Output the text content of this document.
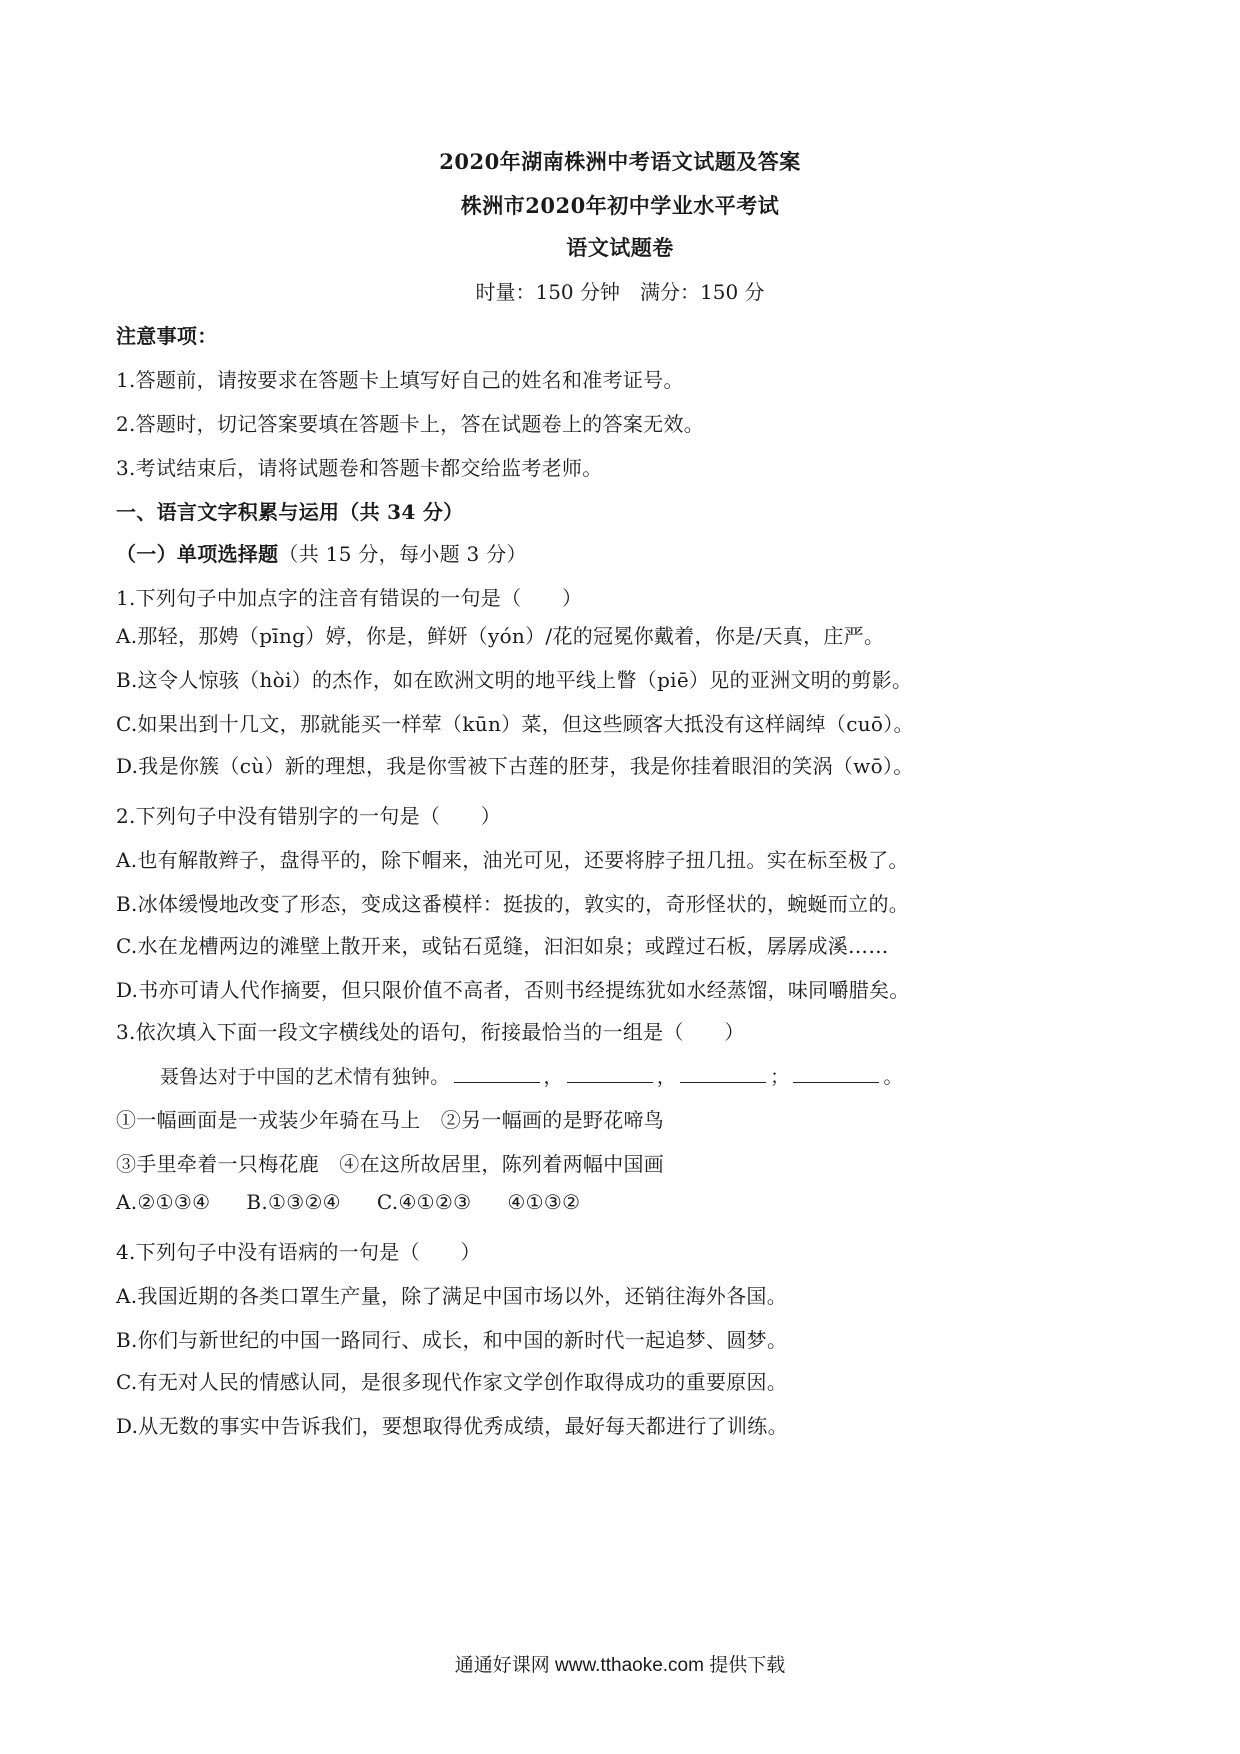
2020年湖南株洲中考语文试题及答案
株洲市2020年初中学业水平考试
语文试题卷
时量：150 分钟　满分：150 分
注意事项：
1.答题前，请按要求在答题卡上填写好自己的姓名和准考证号。
2.答题时，切记答案要填在答题卡上，答在试题卷上的答案无效。
3.考试结束后，请将试题卷和答题卡都交给监考老师。
一、语言文字积累与运用（共 34 分）
（一）单项选择题（共 15 分，每小题 3 分）
1.下列句子中加点字的注音有错误的一句是（　　）
A.那轻，那娉（pīng）婷，你是，鲜妍（yón）/花的冠冕你戴着，你是/天真，庄严。
B.这令人惊骇（hòi）的杰作，如在欧洲文明的地平线上瞥（piē）见的亚洲文明的剪影。
C.如果出到十几文，那就能买一样荤（kūn）菜，但这些顾客大抵没有这样阔绰（cuō）。
D.我是你簇（cù）新的理想，我是你雪被下古莲的胚芽，我是你挂着眼泪的笑涡（wō）。
2.下列句子中没有错别字的一句是（　　）
A.也有解散辫子，盘得平的，除下帽来，油光可见，还要将脖子扭几扭。实在标至极了。
B.冰体缓慢地改变了形态，变成这番模样：挺拔的，敦实的，奇形怪状的，蜿蜒而立的。
C.水在龙槽两边的滩壁上散开来，或钻石觅缝，汩汩如泉；或蹚过石板，孱孱成溪……
D.书亦可请人代作摘要，但只限价值不高者，否则书经提练犹如水经蒸馏，味同嚼腊矣。
3.依次填入下面一段文字横线处的语句，衔接最恰当的一组是（　　）
聂鲁达对于中国的艺术情有独钟。	，	，	；	。
①一幅画面是一戎装少年骑在马上　②另一幅画的是野花啼鸟
③手里牵着一只梅花鹿　④在这所故居里，陈列着两幅中国画
A.②①③④ B.①③②④ C.④①②③ ④①③②
4.下列句子中没有语病的一句是（　　）
A.我国近期的各类口罩生产量，除了满足中国市场以外，还销往海外各国。
B.你们与新世纪的中国一路同行、成长，和中国的新时代一起追梦、圆梦。
C.有无对人民的情感认同，是很多现代作家文学创作取得成功的重要原因。
D.从无数的事实中告诉我们，要想取得优秀成绩，最好每天都进行了训练。
通通好课网 www.tthaoke.com 提供下载
